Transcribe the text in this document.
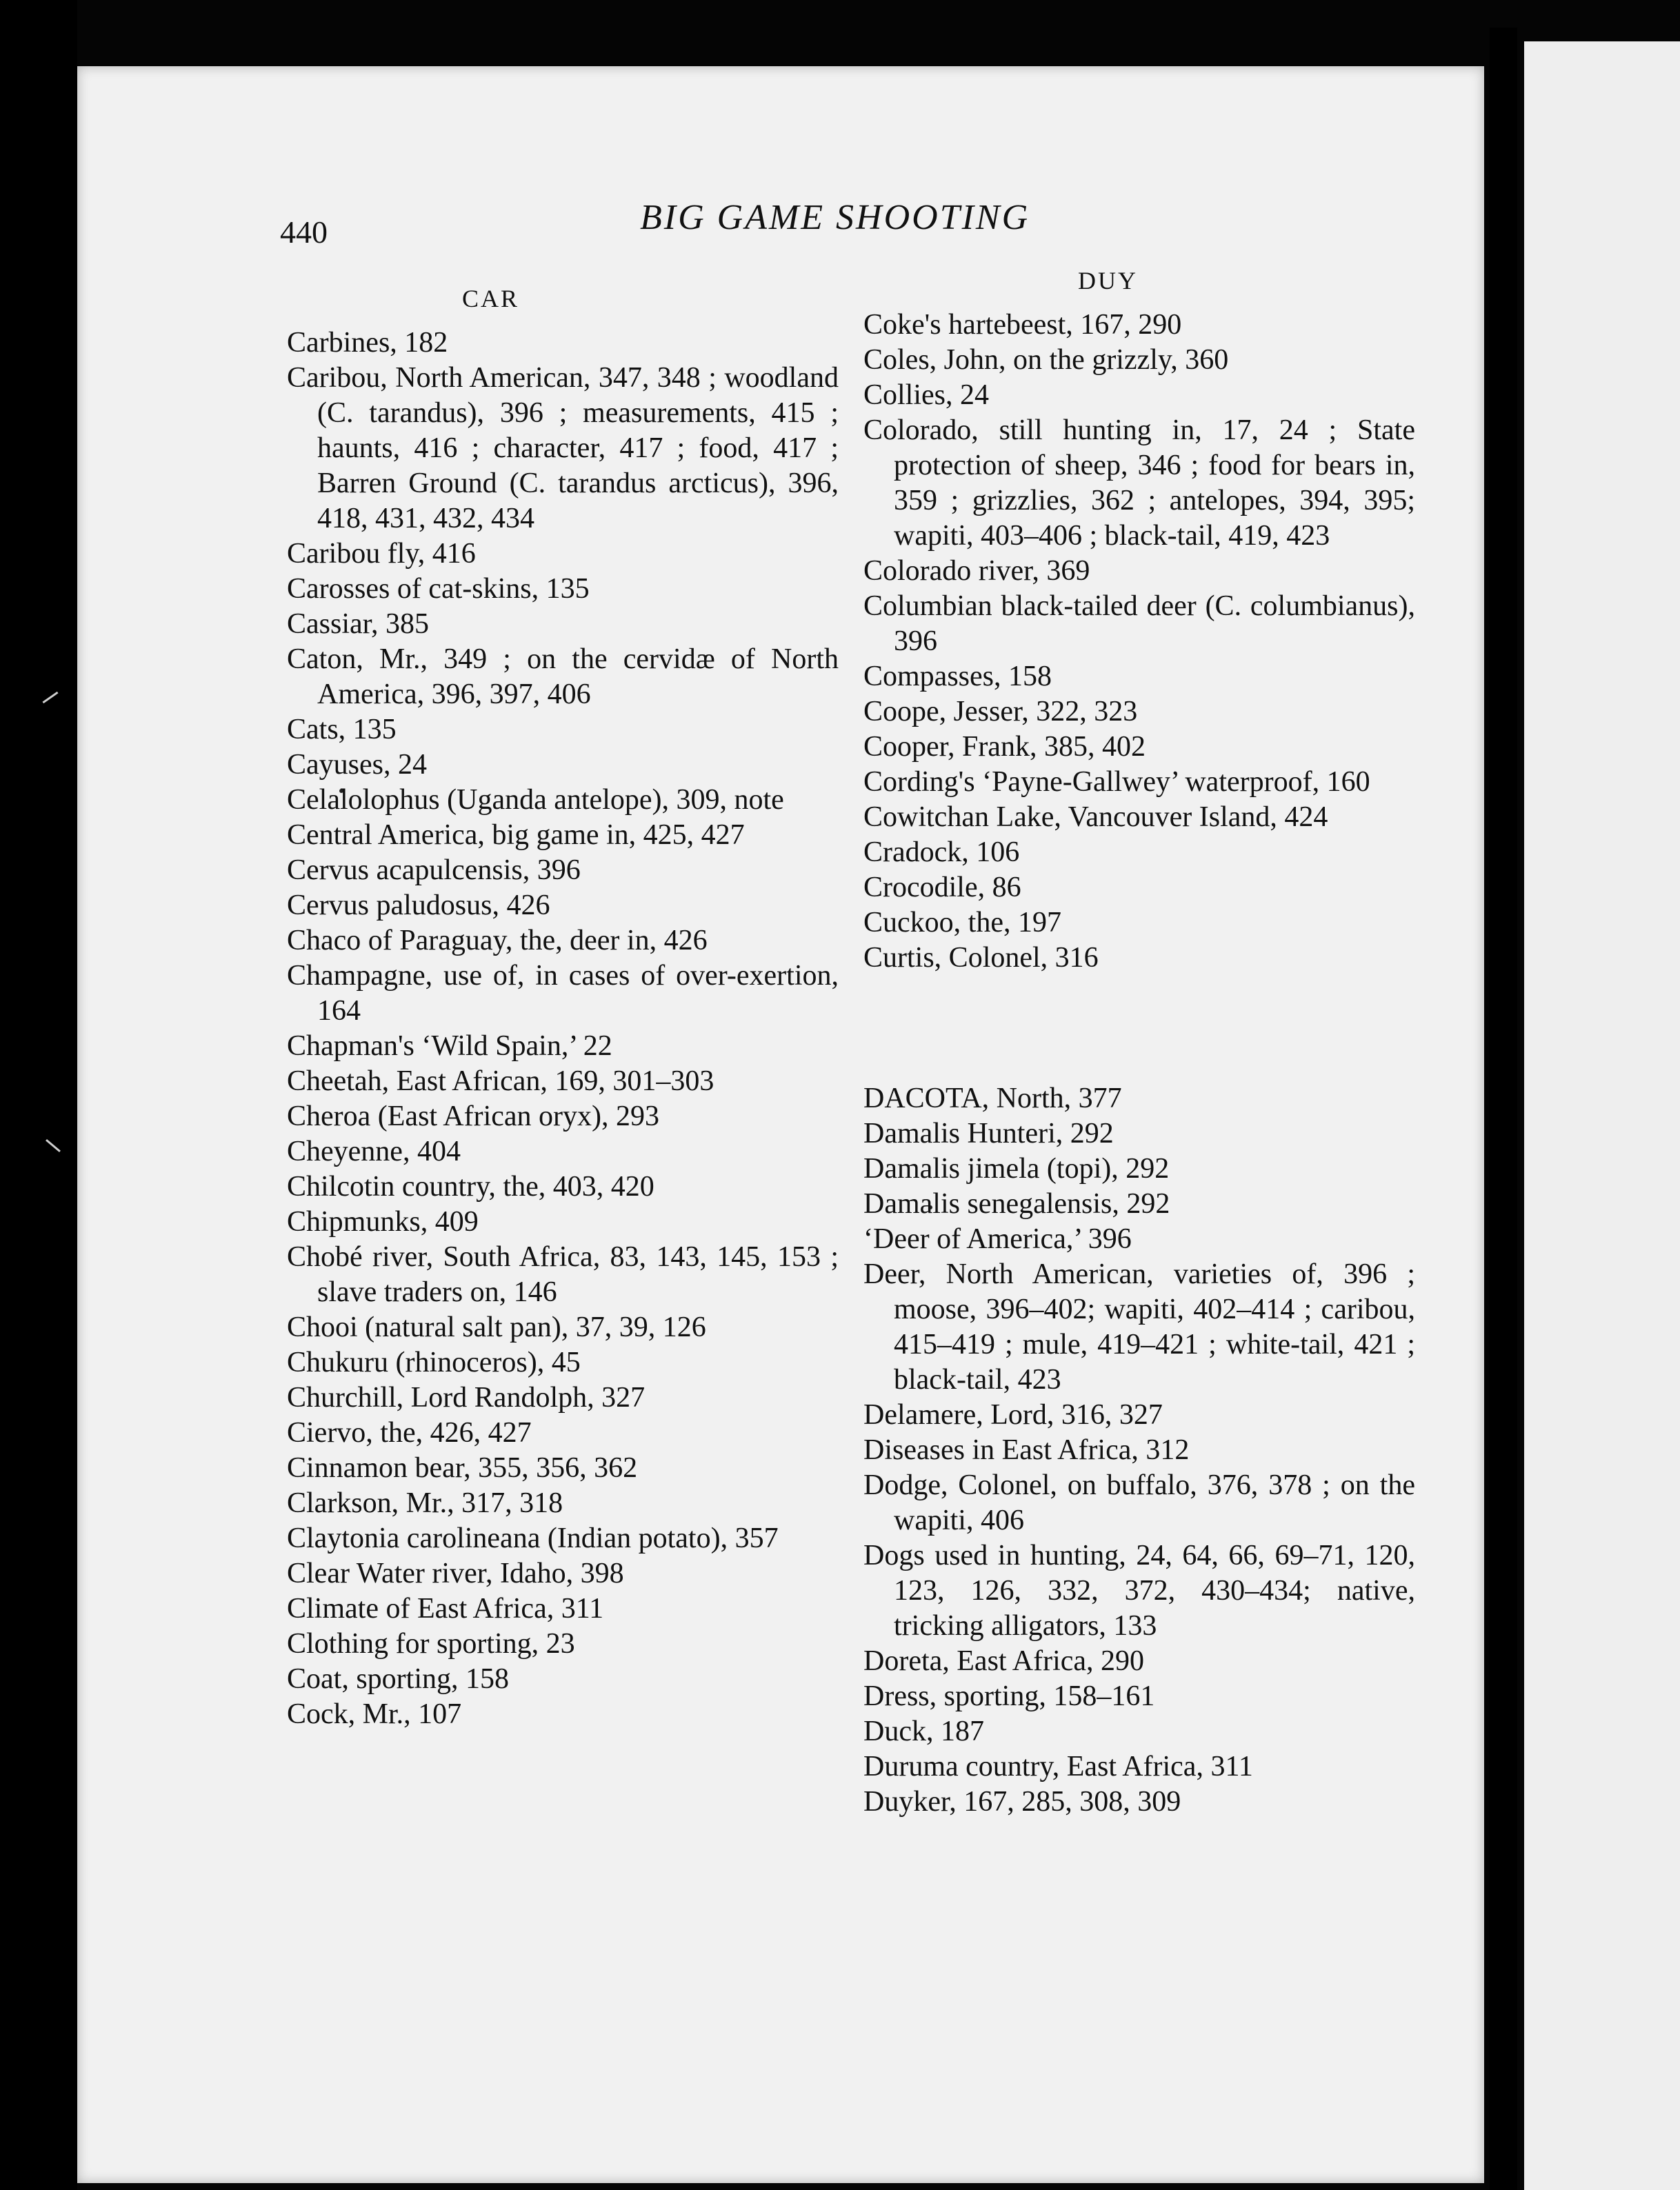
440	BIG GAME SHOOTING
CAR
DUY

Carbines, 182

Caribou, North American, 347, 348 ; woodland (C. tarandus), 396 ; measurements, 415 ; haunts, 416 ; character, 417 ; food, 417 ; Barren Ground (C. tarandus arcticus), 396, 418, 431, 432, 434

Caribou fly, 416

Carosses of cat-skins, 135

Cassiar, 385

Caton, Mr., 349 ; on the cervidæ of North America, 396, 397, 406

Cats, 135

Cayuses, 24

Celalolophus (Uganda antelope), 309, note

Central America, big game in, 425, 427

Cervus acapulcensis, 396

Cervus paludosus, 426

Chaco of Paraguay, the, deer in, 426

Champagne, use of, in cases of over-exertion, 164

Chapman's ‘Wild Spain,’ 22

Cheetah, East African, 169, 301–303

Cheroa (East African oryx), 293

Cheyenne, 404

Chilcotin country, the, 403, 420

Chipmunks, 409

Chobé river, South Africa, 83, 143, 145, 153 ; slave traders on, 146

Chooi (natural salt pan), 37, 39, 126

Chukuru (rhinoceros), 45

Churchill, Lord Randolph, 327

Ciervo, the, 426, 427

Cinnamon bear, 355, 356, 362

Clarkson, Mr., 317, 318

Claytonia carolineana (Indian potato), 357

Clear Water river, Idaho, 398

Climate of East Africa, 311

Clothing for sporting, 23

Coat, sporting, 158

Cock, Mr., 107

Coke's hartebeest, 167, 290

Coles, John, on the grizzly, 360

Collies, 24

Colorado, still hunting in, 17, 24 ; State protection of sheep, 346 ; food for bears in, 359 ; grizzlies, 362 ; antelopes, 394, 395; wapiti, 403–406 ; black-tail, 419, 423

Colorado river, 369

Columbian black-tailed deer (C. columbianus), 396

Compasses, 158

Coope, Jesser, 322, 323

Cooper, Frank, 385, 402

Cording's ‘Payne-Gallwey’ waterproof, 160

Cowitchan Lake, Vancouver Island, 424

Cradock, 106

Crocodile, 86

Cuckoo, the, 197

Curtis, Colonel, 316

DACOTA, North, 377

Damalis Hunteri, 292

Damalis jimela (topi), 292

Damalis senegalensis, 292

‘Deer of America,’ 396

Deer, North American, varieties of, 396 ; moose, 396–402; wapiti, 402–414 ; caribou, 415–419 ; mule, 419–421 ; white-tail, 421 ; black-tail, 423

Delamere, Lord, 316, 327

Diseases in East Africa, 312

Dodge, Colonel, on buffalo, 376, 378 ; on the wapiti, 406

Dogs used in hunting, 24, 64, 66, 69–71, 120, 123, 126, 332, 372, 430–434; native, tricking alligators, 133

Doreta, East Africa, 290

Dress, sporting, 158–161

Duck, 187

Duruma country, East Africa, 311

Duyker, 167, 285, 308, 309
